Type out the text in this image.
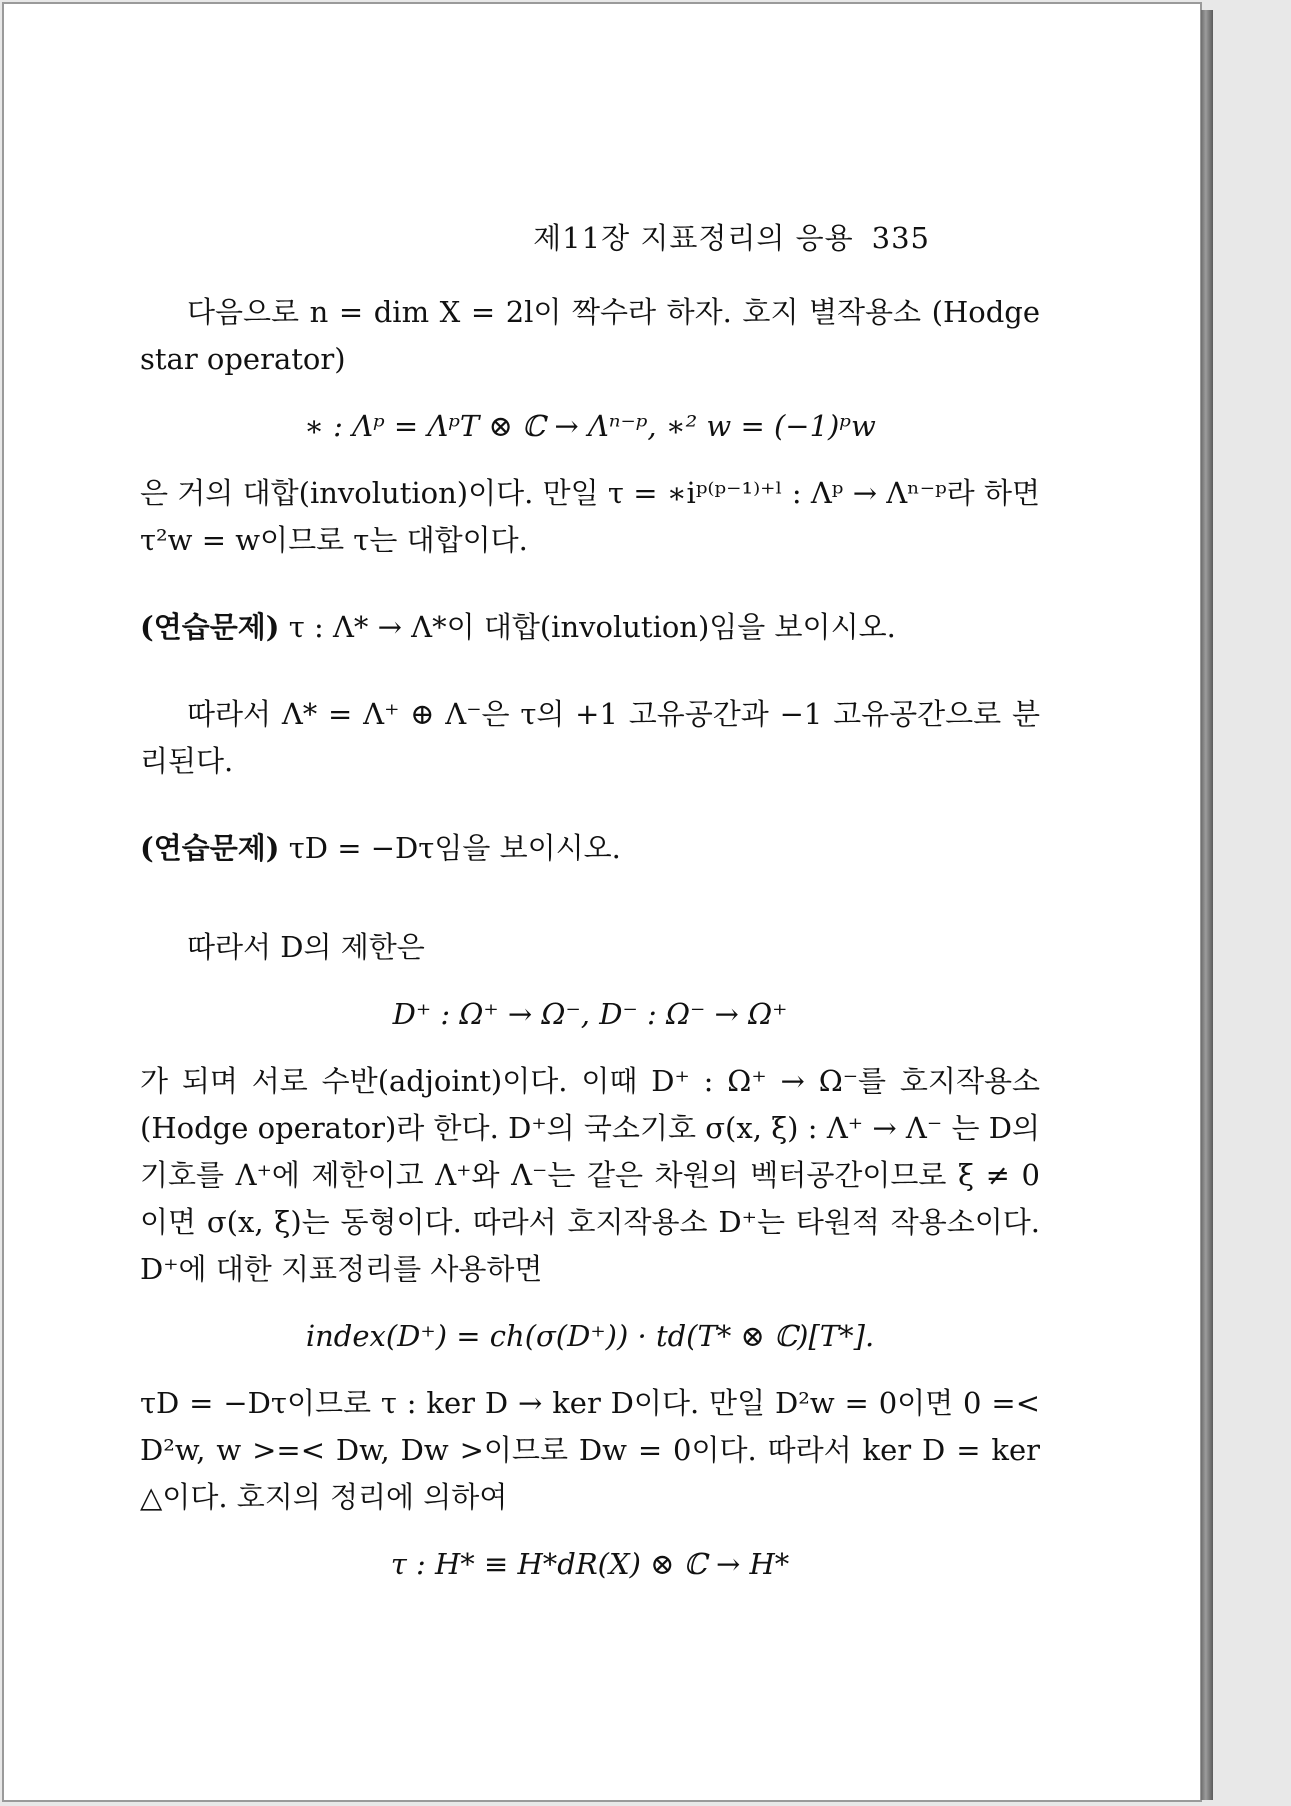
제11장 지표정리의 응용 335

다음으로 n = dim X = 2l이 짝수라 하자. 호지 별작용소 (Hodge star operator)

∗ : Λᵖ = ΛᵖT ⊗ ℂ → Λⁿ⁻ᵖ, ∗² w = (−1)ᵖw

은 거의 대합(involution)이다. 만일 τ = ∗iᵖ⁽ᵖ⁻¹⁾⁺ˡ : Λᵖ → Λⁿ⁻ᵖ라 하면 τ²w = w이므로 τ는 대합이다.

(연습문제) τ : Λ* → Λ*이 대합(involution)임을 보이시오.

따라서 Λ* = Λ⁺ ⊕ Λ⁻은 τ의 +1 고유공간과 −1 고유공간으로 분리된다.

(연습문제) τD = −Dτ임을 보이시오.

따라서 D의 제한은

D⁺ : Ω⁺ → Ω⁻, D⁻ : Ω⁻ → Ω⁺

가 되며 서로 수반(adjoint)이다. 이때 D⁺ : Ω⁺ → Ω⁻를 호지작용소(Hodge operator)라 한다. D⁺의 국소기호 σ(x, ξ) : Λ⁺ → Λ⁻ 는 D의 기호를 Λ⁺에 제한이고 Λ⁺와 Λ⁻는 같은 차원의 벡터공간이므로 ξ ≠ 0이면 σ(x, ξ)는 동형이다. 따라서 호지작용소 D⁺는 타원적 작용소이다. D⁺에 대한 지표정리를 사용하면

index(D⁺) = ch(σ(D⁺)) · td(T* ⊗ ℂ)[T*].

τD = −Dτ이므로 τ : ker D → ker D이다. 만일 D²w = 0이면 0 =< D²w, w >=< Dw, Dw >이므로 Dw = 0이다. 따라서 ker D = ker △이다. 호지의 정리에 의하여

τ : H* ≡ H*dR(X) ⊗ ℂ → H*
